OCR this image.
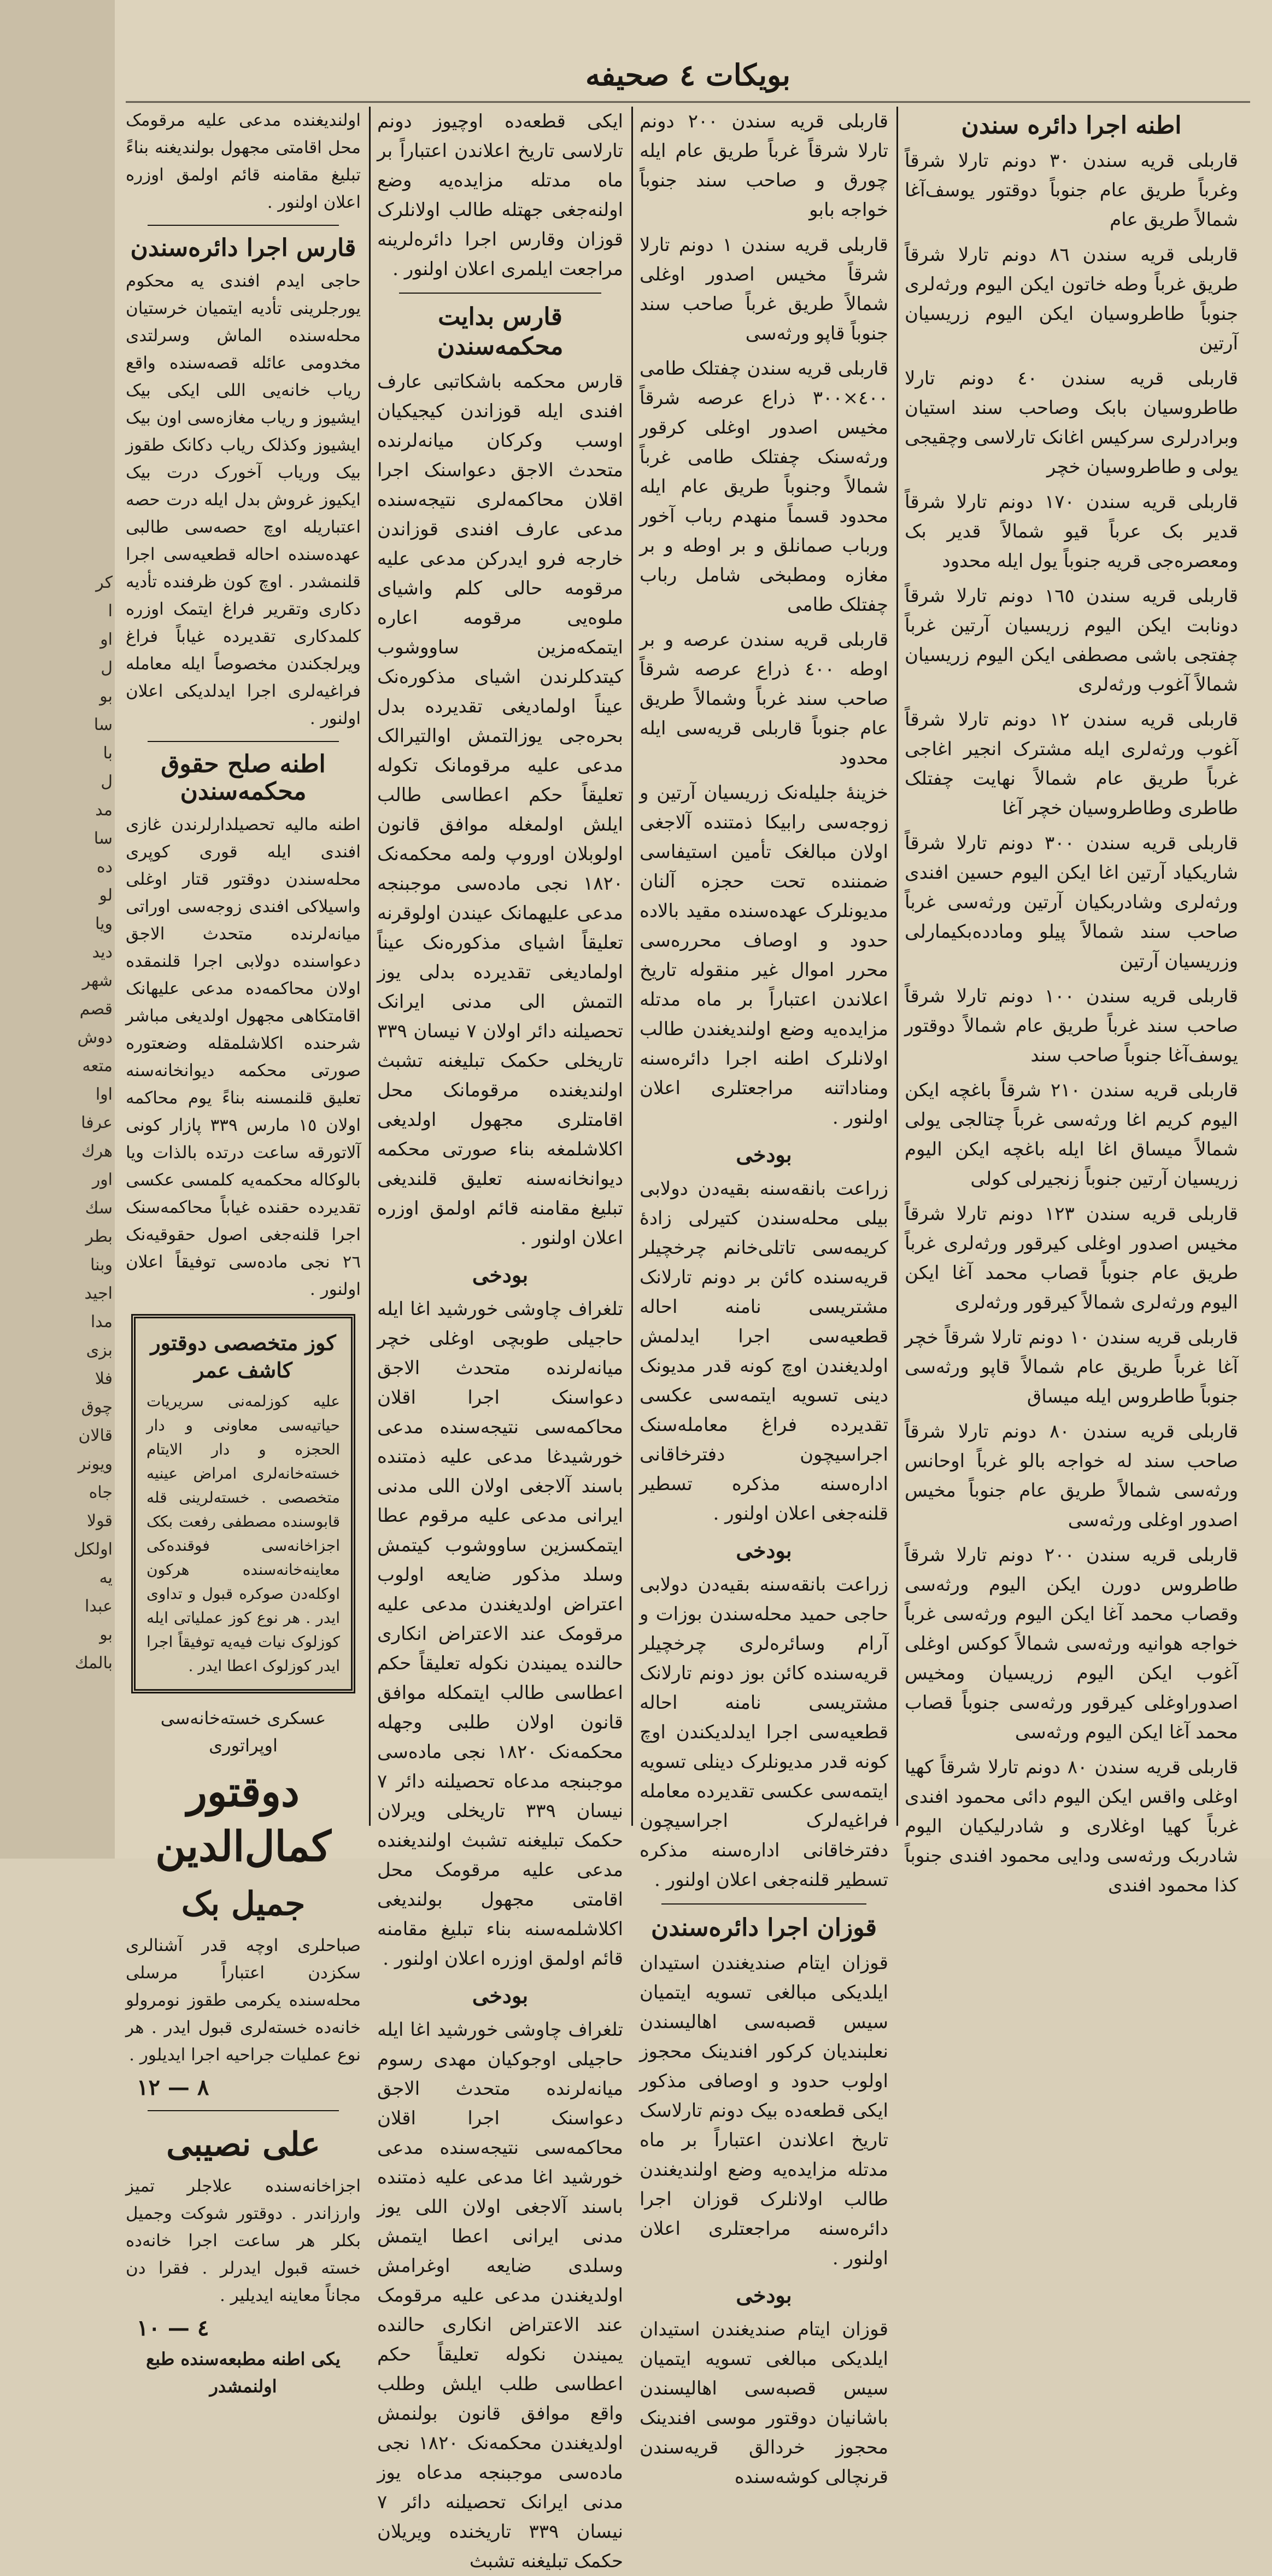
كر
ا
او
ل
بو
سا
با
ل
مد
سا
ده
لو
ويا
ديد
شهر
قصم
دوش
متعه
اوا
عرفا
هرك
اور
سك
بطر
وبنا
اجيد
مدا
بزى
فلا
چوق
قالان
ويونر
جاه
قولا
اولكل
يه
عبدا
بو
بالمك
بويكات ٤ صحيفه
اطنه اجرا دائره سندن

قاربلی قریه سندن ٣٠ دونم تارلا شرقاً وغرباً طریق عام جنوباً دوقتور یوسف‌آغا شمالاً طریق عام

قاربلی قریه سندن ٨٦ دونم تارلا شرقاً طریق غرباً وطه خاتون ایکن الیوم ورثه‌لری جنوباً طاطروسیان ایکن الیوم زریسیان آرتین

قاربلی قریه سندن ٤٠ دونم تارلا طاطروسیان بابک وصاحب سند استیان وبرادرلری سرکیس اغانک تارلاسی وچقیجی یولی و طاطروسیان خچر

قاربلی قریه سندن ١٧٠ دونم تارلا شرقاً قدیر بک عرباً قیو شمالاً قدیر بک ومعصره‌جی قریه جنوباً یول ایله محدود

قاربلی قریه سندن ١٦٥ دونم تارلا شرقاً دونابت ایکن الیوم زریسیان آرتین غرباً چفتجی باشی مصطفی ایکن الیوم زریسیان شمالاً آغوب ورثه‌لری

قاربلی قریه سندن ١٢ دونم تارلا شرقاً آغوب ورثه‌لری ایله مشترک انجیر اغاجی غرباً طریق عام شمالاً نهایت چفتلک طاطری وطاطروسیان خچر آغا

قاربلی قریه سندن ٣٠٠ دونم تارلا شرقاً شاریکیاد آرتین اغا ایکن الیوم حسین افندی ورثه‌لری وشادربکیان آرتین ورثه‌سی غرباً صاحب سند شمالاً پیلو ومادده‌بکیمارلی وزریسیان آرتین

قاربلی قریه سندن ١٠٠ دونم تارلا شرقاً صاحب سند غرباً طریق عام شمالاً دوقتور یوسف‌آغا جنوباً صاحب سند

قاربلی قریه سندن ٢١٠ شرقاً باغچه ایکن الیوم کریم اغا ورثه‌سی غرباً چتالجی یولی شمالاً میساق اغا ایله باغچه ایکن الیوم زریسیان آرتین جنوباً زنجیرلی کولی

قاربلی قریه سندن ١٢٣ دونم تارلا شرقاً مخیس اصدور اوغلی کیرقور ورثه‌لری غرباً طریق عام جنوباً قصاب محمد آغا ایکن الیوم ورثه‌لری شمالاً کیرقور ورثه‌لری

قاربلی قریه سندن ١٠ دونم تارلا شرقاً خچر آغا غرباً طریق عام شمالاً قاپو ورثه‌سی جنوباً طاطروس ایله میساق

قاربلی قریه سندن ٨٠ دونم تارلا شرقاً صاحب سند له خواجه بالو غرباً اوحانس ورثه‌سی شمالاً طریق عام جنوباً مخیس اصدور اوغلی ورثه‌سی

قاربلی قریه سندن ٢٠٠ دونم تارلا شرقاً طاطروس دورن ایکن الیوم ورثه‌سی وقصاب محمد آغا ایکن الیوم ورثه‌سی غرباً خواجه هوانیه ورثه‌سی شمالاً کوکس اوغلی آغوب ایکن الیوم زریسیان ومخیس اصدوراوغلی کیرقور ورثه‌سی جنوباً قصاب محمد آغا ایکن الیوم ورثه‌سی

قاربلی قریه سندن ٨٠ دونم تارلا شرقاً کهیا اوغلی واقس ایکن الیوم دائی محمود افندی غرباً کهیا اوغلاری و شادرلیکیان الیوم شادربک ورثه‌سی ودایی محمود افندی جنوباً کذا محمود افندی

قاربلی قریه سندن ٢٠٠ دونم تارلا شرقاً غرباً طریق عام ایله چورق و صاحب سند جنوباً خواجه بابو

قاربلی قریه سندن ١ دونم تارلا شرقاً مخیس اصدور اوغلی شمالاً طریق غرباً صاحب سند جنوباً قاپو ورثه‌سی

قاربلی قریه سندن چفتلک طامی ٤٠٠×٣٠٠ ذراع عرصه شرقاً مخیس اصدور اوغلی کرقور ورثه‌سنک چفتلک طامی غرباً شمالاً وجنوباً طریق عام ایله محدود قسماً منهدم رباب آخور ورباب صمانلق و بر اوطه و بر مغازه ومطبخی شامل رباب چفتلک طامی

قاربلی قریه سندن عرصه و بر اوطه ٤٠٠ ذراع عرصه شرقاً صاحب سند غرباً وشمالاً طریق عام جنوباً قاربلی قریه‌سی ایله محدود

خزینه‌ٔ جلیله‌نک زریسیان آرتین و زوجه‌سی رابیکا ذمتنده آلاجغی اولان مبالغک تأمین استیفاسی ضمننده تحت حجزه آلنان مدیونلرک عهده‌سنده مقید بالاده حدود و اوصاف محرره‌سی محرر اموال غیر منقوله تاریخ اعلاندن اعتباراً بر ماه مدتله مزایده‌یه وضع اولندیغندن طالب اولانلرک اطنه اجرا دائره‌سنه ومناداتنه مراجعتلری اعلان اولنور .

بودخی

زراعت بانقه‌سنه بقیه‌دن دولابی بیلی محله‌سندن کتیرلی زادهٔ کریمه‌سی تاتلی‌خانم چرخچیلر قریه‌سنده کائن بر دونم تارلانک مشتریسی نامنه احاله قطعیه‌سی اجرا ایدلمش اولدیغندن اوچ کونه قدر مدیونک دینی تسویه ایتمه‌سی عکسی تقدیرده فراغ معامله‌سنک اجراسیچون دفترخاقانی اداره‌سنه مذکره تسطیر قلنه‌جغی اعلان اولنور .

بودخی

زراعت بانقه‌سنه بقیه‌دن دولابی حاجی حمید محله‌سندن بوزات و آرام وسائره‌لری چرخچیلر قریه‌سنده کائن بوز دونم تارلانک مشتریسی نامنه احاله قطعیه‌سی اجرا ایدلدیکندن اوچ کونه قدر مدیونلرک دینلی تسویه ایتمه‌سی عکسی تقدیرده معامله فراغیه‌لرک اجراسیچون دفترخاقانی اداره‌سنه مذکره تسطیر قلنه‌جغی اعلان اولنور .

قوزان اجرا دائره‌سندن

قوزان ایتام صندیغندن استیدان ایلدیکی مبالغی تسویه ایتمیان سیس قصبه‌سی اهالیسندن نعلبندیان کرکور افندینک محجوز اولوب حدود و اوصافی مذکور ایکی قطعه‌ده بیک دونم تارلاسک تاریخ اعلاندن اعتباراً بر ماه مدتله مزایده‌یه وضع اولندیغندن طالب اولانلرک قوزان اجرا دائره‌سنه مراجعتلری اعلان اولنور .

بودخی

قوزان ایتام صندیغندن استیدان ایلدیکی مبالغی تسویه ایتمیان سیس قصبه‌سی اهالیسندن باشانیان دوقتور موسی افندینک محجوز خردالق قریه‌سندن قرنچالی کوشه‌سنده

ایکی قطعه‌ده اوچیوز دونم تارلاسی تاریخ اعلاندن اعتباراً بر ماه مدتله مزایده‌یه وضع اولنه‌جغی جهتله طالب اولانلرک قوزان وقارس اجرا دائره‌لرینه مراجعت ایلمری اعلان اولنور .

قارس بدایت محکمه‌سندن

قارس محکمه باشکاتبی عارف افندی ایله قوزاندن کیجیکیان اوسب وکرکان میانه‌لرنده متحدث الاجق دعواسنک اجرا اقلان محاکمه‌لری نتیجه‌سنده مدعی عارف افندی قوزاندن خارجه فرو ایدرکن مدعی علیه مرقومه حالی کلم واشیای ملوه‌یی مرقومه اعاره ایتمکه‌مزین ساووشوب کیتدکلرندن اشیای مذکوره‌نک عیناً اولمادیغی تقدیرده بدل بحره‌جی یوزالتمش اوالتیرالک مدعی علیه مرقومانک تکوله تعلیقاً حکم اعطاسی طالب ایلش اولمغله موافق قانون اولوبلان اوروپ ولمه محکمه‌نک ١٨٢٠ نجی ماده‌سی موجبنجه مدعی علیهمانک عیندن اولوقرنه تعلیقاً اشیای مذکوره‌نک عیناً اولمادیغی تقدیرده بدلی یوز التمش الی مدنی ایرانک تحصیلنه دائر اولان ٧ نیسان ٣٣٩ تاریخلی حکمک تبلیغنه تشبث اولندیغنده مرقومانک محل اقامتلری مجهول اولدیغی اکلاشلمغه بناء صورتی محکمه دیوانخانه‌سنه تعلیق قلندیغی تبلیغ مقامنه قائم اولمق اوزره اعلان اولنور .

بودخی

تلغراف چاوشی خورشید اغا ایله حاجیلی طوبچی اوغلی خچر میانه‌لرنده متحدث الاجق دعواسنک اجرا اقلان محاکمه‌سی نتیجه‌سنده مدعی خورشیدغا مدعی علیه ذمتنده باسند آلاجغی اولان اللی مدنی ایرانی مدعی علیه مرقوم عطا ایتمکسزین ساووشوب کیتمش وسلد مذکور ضایعه اولوب اعتراض اولدیغندن مدعی علیه مرقومک عند الاعتراض انکاری حالنده یمیندن نکوله تعلیقاً حکم اعطاسی طالب ایتمکله موافق قانون اولان طلبی وجهله محکمه‌نک ١٨٢٠ نجی ماده‌سی موجبنجه مدعاه تحصیلنه دائر ٧ نیسان ٣٣٩ تاریخلی ویرلان حکمک تبلیغنه تشبث اولندیغنده مدعی علیه مرقومک محل اقامتی مجهول بولندیغی اکلاشلمه‌سنه بناء تبلیغ مقامنه قائم اولمق اوزره اعلان اولنور .

بودخی

تلغراف چاوشی خورشید اغا ایله حاجیلی اوجوکیان مهدی رسوم میانه‌لرنده متحدث الاجق دعواسنک اجرا اقلان محاکمه‌سی نتیجه‌سنده مدعی خورشید اغا مدعی علیه ذمتنده باسند آلاجغی اولان اللی یوز مدنی ایرانی اعطا ایتمش وسلدی ضایعه اوغرامش اولدیغندن مدعی علیه مرقومک عند الاعتراض انکاری حالنده یمیندن نکوله تعلیقاً حکم اعطاسی طلب ایلش وطلب واقع موافق قانون بولنمش اولدیغندن محکمه‌نک ١٨٢٠ نجی ماده‌سی موجبنجه مدعاه یوز مدنی ایرانک تحصیلنه دائر ٧ نیسان ٣٣٩ تاریخنده ویریلان حکمک تبلیغنه تشبث

اولندیغنده مدعی علیه مرقومک محل اقامتی مجهول بولندیغنه بناءً تبلیغ مقامنه قائم اولمق اوزره اعلان اولنور .

قارس اجرا دائره‌سندن

حاجی ایدم افندی یه محکوم یورجلرینی تأدیه ایتمیان خرستیان محله‌سنده الماش وسرلتدی مخدومی عائله قصه‌سنده واقع ریاب خانه‌یی اللی ایکی بیک ایشیوز و ریاب مغازه‌سی اون بیک ایشیوز وکذلک ریاب دکانک طقوز بیک وریاب آخورک درت بیک ایکیوز غروش بدل ایله درت حصه اعتباریله اوچ حصه‌سی طالبی عهده‌سنده احاله قطعیه‌سی اجرا قلنمشدر . اوچ کون ظرفنده تأدیه دکاری وتقریر فراغ ایتمک اوزره کلمدکاری تقدیرده غیاباً فراغ ویرلجکندن مخصوصاً ایله معامله فراغیه‌لری اجرا ایدلدیکی اعلان اولنور .

اطنه صلح حقوق محکمه‌سندن

اطنه مالیه تحصیلدارلرندن غازی افندی ایله قوری کوپری محله‌سندن دوقتور قتار اوغلی واسیلاکی افندی زوجه‌سی اوراتی میانه‌لرنده متحدث الاجق دعواسنده دولابی اجرا قلنمقده اولان محاکمه‌ده مدعی علیهانک اقامتکاهی مجهول اولدیغی مباشر شرحنده اکلاشلمقله وضعتوره صورتی محکمه دیوانخانه‌سنه تعلیق قلنمسنه بناءً یوم محاکمه اولان ١٥ مارس ٣٣٩ پازار کونی آلاتورقه ساعت درتده بالذات ویا بالوکاله محکمه‌یه کلمسی عکسی تقدیرده حقنده غیاباً محاکمه‌سنک اجرا قلنه‌جغی اصول حقوقیه‌نک ٢٦ نجی ماده‌سی توفیقاً اعلان اولنور .

کوز متخصصی دوقتور کاشف عمر
علیه کوزلمه‌نی سریریات حیاتیه‌سی معاونی و دار الحجزه و دار الایتام خسته‌خانه‌لری امراض عینیه متخصصی . خسته‌لرینی قله قابوسنده مصطفی رفعت بکک اجزاخانه‌سی فوقنده‌کی معاینه‌خانه‌سنده هرکون اوکله‌دن صوکره قبول و تداوی ایدر . هر نوع کوز عملیاتی ایله کوزلوک نیات فیه‌یه توفیقاً اجرا ایدر کوزلوک اعطا ایدر .
عسکری خسته‌خانه‌سی اوپراتوری
دوقتور کمال‌الدین
جمیل بک

صباحلری اوچه قدر آشنالری سکزدن اعتباراً مرسلی محله‌سنده یکرمی طقوز نومرولو خانه‌ده خسته‌لری قبول ایدر . هر نوع عملیات جراحیه اجرا ایدیلور .

٨ — ١٢
علی نصیبی

اجزاخانه‌سنده علاجلر تمیز وارزاندر . دوقتور شوکت وجمیل بکلر هر ساعت اجرا خانه‌ده خسته قبول ایدرلر . فقرا دن مجاناً معاینه ایدیلیر .

٤ — ١٠
یکی اطنه مطبعه‌سنده طبع اولنمشدر
